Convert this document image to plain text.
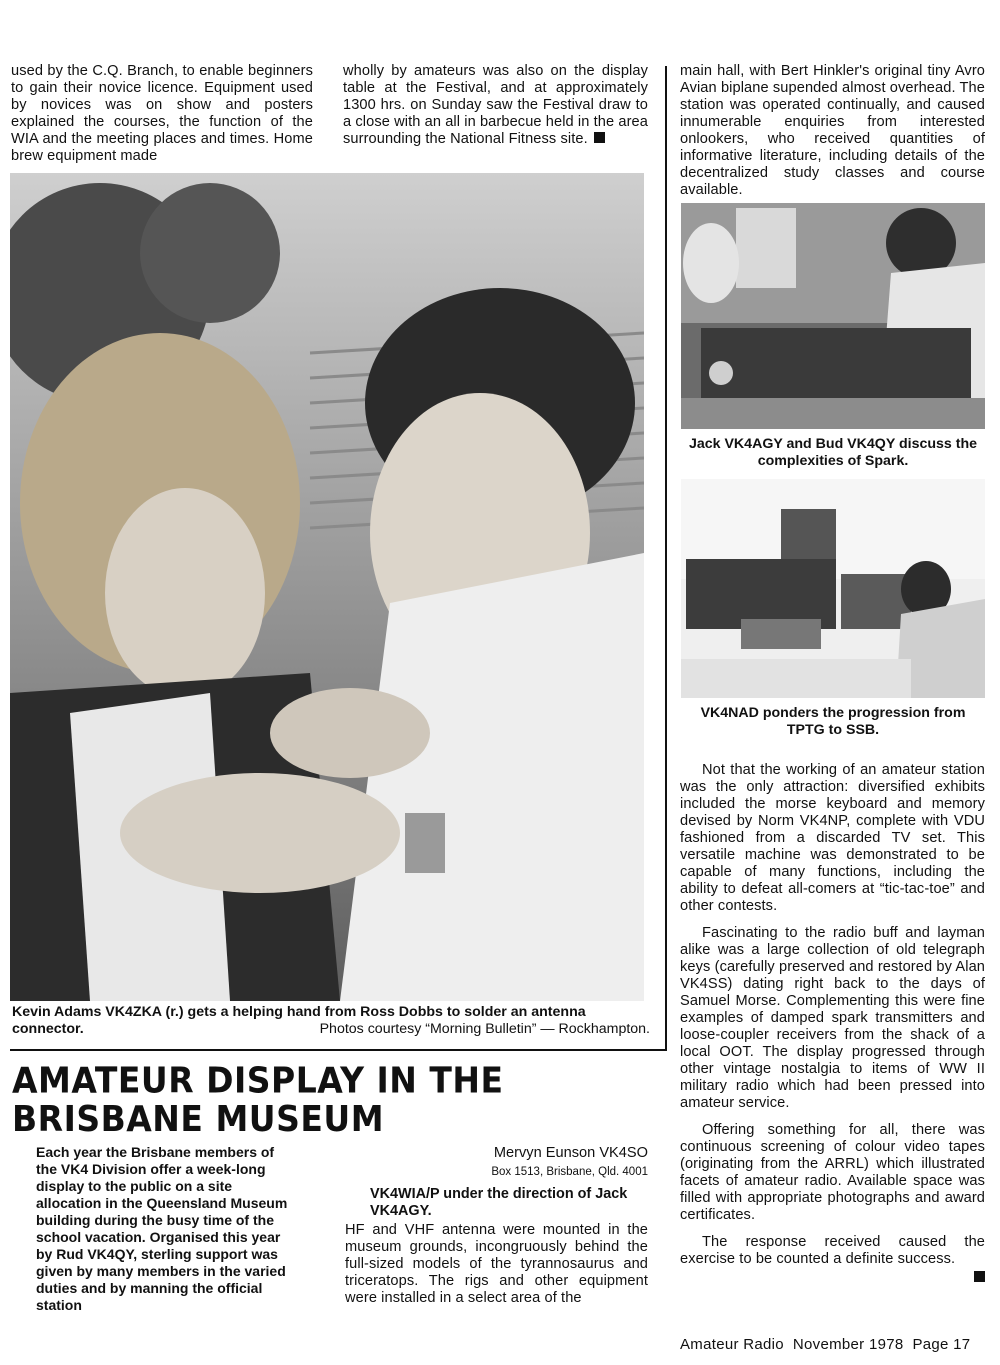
used by the C.Q. Branch, to enable beginners to gain their novice licence. Equipment used by novices was on show and posters explained the courses, the function of the WIA and the meeting places and times. Home brew equipment made

wholly by amateurs was also on the display table at the Festival, and at approximately 1300 hrs. on Sunday saw the Festival draw to a close with an all in barbecue held in the area surrounding the National Fitness site.

Kevin Adams VK4ZKA (r.) gets a helping hand from Ross Dobbs to solder an antenna connector.	Photos courtesy “Morning Bulletin” — Rockhampton.

main hall, with Bert Hinkler's original tiny Avro Avian biplane supended almost overhead. The station was operated continually, and caused innumerable enquiries from interested onlookers, who received quantities of informative literature, including details of the decentralized study classes and course available.

Jack VK4AGY and Bud VK4QY discuss the complexities of Spark.
VK4NAD ponders the progression from TPTG to SSB.

Not that the working of an amateur station was the only attraction: diversified exhibits included the morse keyboard and memory devised by Norm VK4NP, complete with VDU fashioned from a discarded TV set. This versatile machine was demonstrated to be capable of many functions, including the ability to defeat all-comers at “tic-tac-toe” and other contests.

Fascinating to the radio buff and layman alike was a large collection of old telegraph keys (carefully preserved and restored by Alan VK4SS) dating right back to the days of Samuel Morse. Complementing this were fine examples of damped spark transmitters and loose-coupler receivers from the shack of a local OOT. The display progressed through other vintage nostalgia to items of WW II military radio which had been pressed into amateur service.

Offering something for all, there was continuous screening of colour video tapes (originating from the ARRL) which illustrated facets of amateur radio. Available space was filled with appropriate photographs and award certificates.

The response received caused the exercise to be counted a definite success.

AMATEUR DISPLAY IN THE
BRISBANE MUSEUM
Each year the Brisbane members of the VK4 Division offer a week-long display to the public on a site allocation in the Queensland Museum building during the busy time of the school vacation. Organised this year by Rud VK4QY, sterling support was given by many members in the varied duties and by manning the official station
Mervyn Eunson VK4SO
Box 1513, Brisbane, Qld. 4001
VK4WIA/P under the direction of Jack VK4AGY.

HF and VHF antenna were mounted in the museum grounds, incongruously behind the full-sized models of the tyrannosaurus and triceratops. The rigs and other equipment were installed in a select area of the

Amateur Radio  November 1978  Page 17
